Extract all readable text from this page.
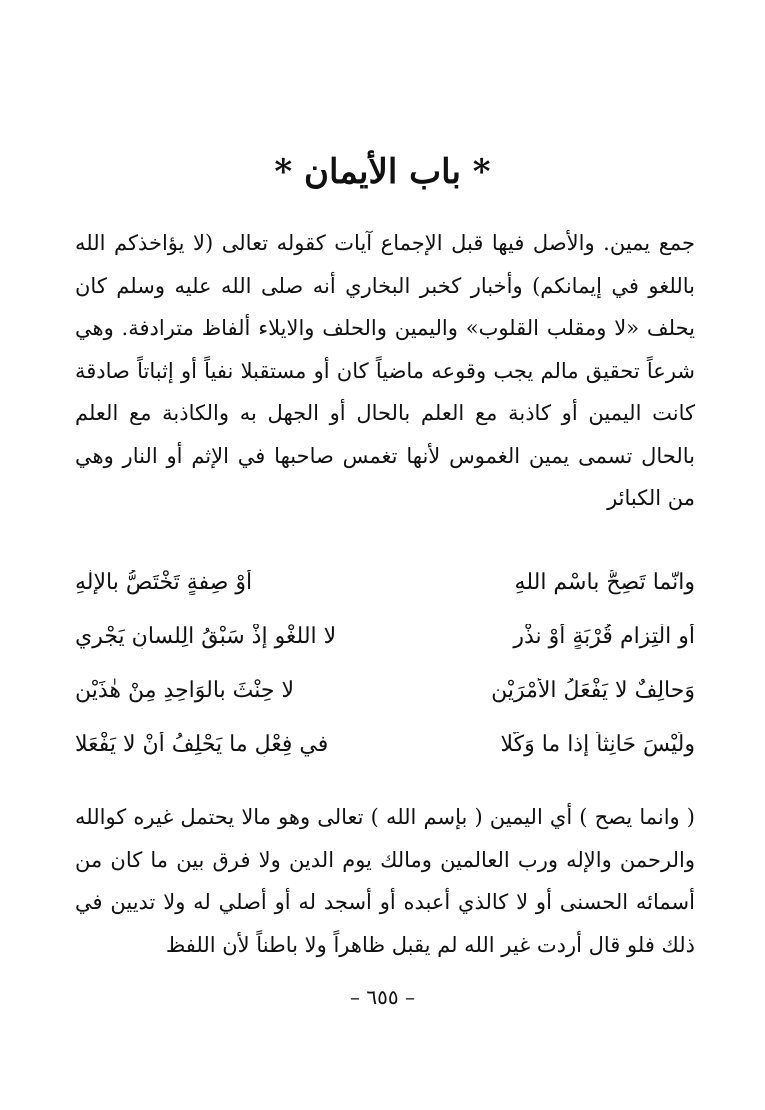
* باب الأيمان *

جمع يمين. والأصل فيها قبل الإجماع آيات كقوله تعالى (لا يؤاخذكم الله باللغو في إيمانكم) وأخبار كخبر البخاري أنه صلى الله عليه وسلم كان يحلف «لا ومقلب القلوب» واليمين والحلف والايلاء ألفاظ مترادفة. وهي شرعاً تحقيق مالم يجب وقوعه ماضياً كان أو مستقبلا نفياً أو إثباتاً صادقة كانت اليمين أو كاذبة مع العلم بالحال أو الجهل به والكاذبة مع العلم بالحال تسمى يمين الغموس لأنها تغمس صاحبها في الإثم أو النار وهي من الكبائر

وانّما تَصِحُّ باسْمِ اللهِ
أَوْ صِفةٍ تَخْتَصُّ بالإِلٰهِ
أَوِ الْتِزامِ قُرْبَةٍ أَوْ نذْرِ
لا اللغْوِ إِذْ سَبْقُ الِلسانِ يَجْرِي
وَحالِفٌ لا يَفْعَلُ الأَمْرَيْنِ
لا حِنْثَ بالوَاحِدِ مِنْ هٰذَيْنِ
ولَيْسَ حَانِثاً إِذا ما وَكَّلا
في فِعْلِ ما يَحْلِفُ أَنْ لا يَفْعَلا

( وانما يصح ) أي اليمين ( بإسم الله ) تعالى وهو مالا يحتمل غيره كوالله والرحمن والإله ورب العالمين ومالك يوم الدين ولا فرق بين ما كان من أسمائه الحسنى أو لا كالذي أعبده أو أسجد له أو أصلي له ولا تديين في ذلك فلو قال أردت غير الله لم يقبل ظاهراً ولا باطناً لأن اللفظ

– ٦٥٥ –
